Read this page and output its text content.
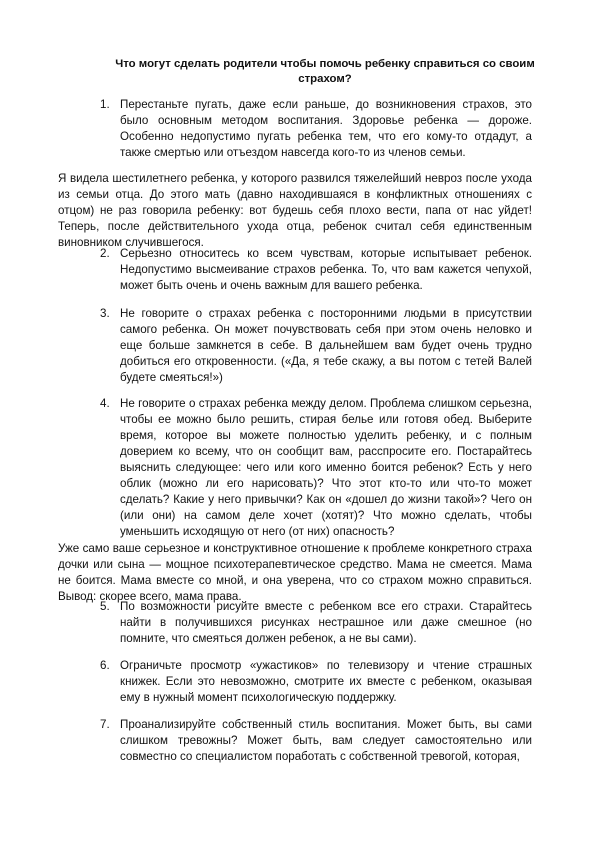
Что могут сделать родители чтобы помочь ребенку справиться со своим страхом?

1. Перестаньте пугать, даже если раньше, до возникновения страхов, это было основным методом воспитания. Здоровье ребенка — дороже. Особенно недопустимо пугать ребенка тем, что его кому-то отдадут, а также смертью или отъездом навсегда кого-то из членов семьи.

Я видела шестилетнего ребенка, у которого развился тяжелейший невроз после ухода из семьи отца. До этого мать (давно находившаяся в конфликтных отношениях с отцом) не раз говорила ребенку: вот будешь себя плохо вести, папа от нас уйдет! Теперь, после действительного ухода отца, ребенок считал себя единственным виновником случившегося.

2. Серьезно относитесь ко всем чувствам, которые испытывает ребенок. Недопустимо высмеивание страхов ребенка. То, что вам кажется чепухой, может быть очень и очень важным для вашего ребенка.
3. Не говорите о страхах ребенка с посторонними людьми в присутствии самого ребенка. Он может почувствовать себя при этом очень неловко и еще больше замкнется в себе. В дальнейшем вам будет очень трудно добиться его откровенности. («Да, я тебе скажу, а вы потом с тетей Валей будете смеяться!»)
4. Не говорите о страхах ребенка между делом. Проблема слишком серьезна, чтобы ее можно было решить, стирая белье или готовя обед. Выберите время, которое вы можете полностью уделить ребенку, и с полным доверием ко всему, что он сообщит вам, расспросите его. Постарайтесь выяснить следующее: чего или кого именно боится ребенок? Есть у него облик (можно ли его нарисовать)? Что этот кто-то или что-то может сделать? Какие у него привычки? Как он «дошел до жизни такой»? Чего он (или они) на самом деле хочет (хотят)? Что можно сделать, чтобы уменьшить исходящую от него (от них) опасность?

Уже само ваше серьезное и конструктивное отношение к проблеме конкретного страха дочки или сына — мощное психотерапевтическое средство. Мама не смеется. Мама не боится. Мама вместе со мной, и она уверена, что со страхом можно справиться. Вывод: скорее всего, мама права.

5. По возможности рисуйте вместе с ребенком все его страхи. Старайтесь найти в получившихся рисунках нестрашное или даже смешное (но помните, что смеяться должен ребенок, а не вы сами).
6. Ограничьте просмотр «ужастиков» по телевизору и чтение страшных книжек. Если это невозможно, смотрите их вместе с ребенком, оказывая ему в нужный момент психологическую поддержку.
7. Проанализируйте собственный стиль воспитания. Может быть, вы сами слишком тревожны? Может быть, вам следует самостоятельно или совместно со специалистом поработать с собственной тревогой, которая,
